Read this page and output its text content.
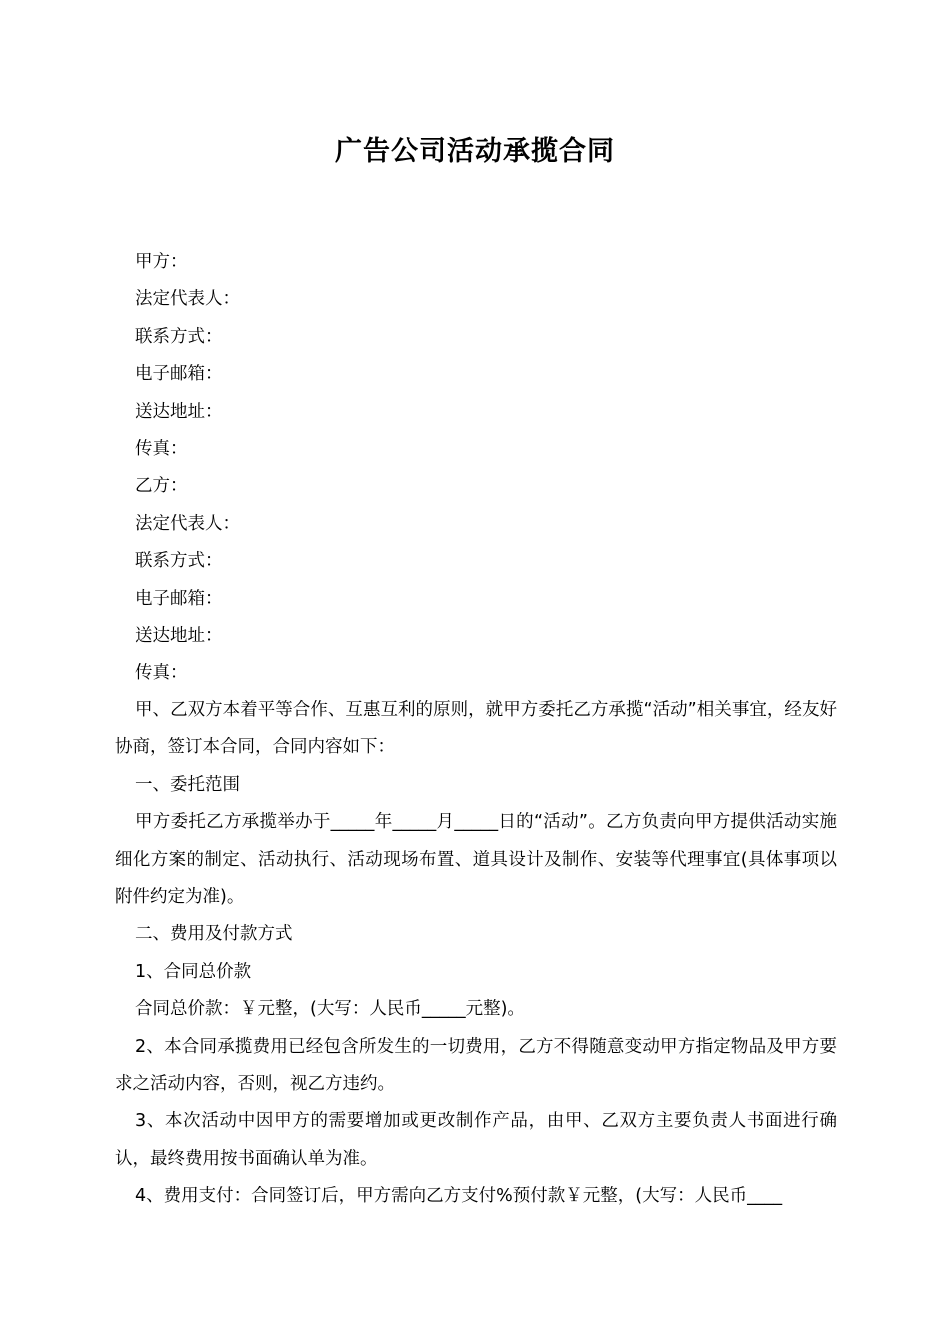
广告公司活动承揽合同
甲方：
法定代表人：
联系方式：
电子邮箱：
送达地址：
传真：
乙方：
法定代表人：
联系方式：
电子邮箱：
送达地址：
传真：

甲、乙双方本着平等合作、互惠互利的原则，就甲方委托乙方承揽“活动”相关事宜，经友好协商，签订本合同，合同内容如下：

一、委托范围

甲方委托乙方承揽举办于_____年_____月_____日的“活动”。乙方负责向甲方提供活动实施细化方案的制定、活动执行、活动现场布置、道具设计及制作、安装等代理事宜(具体事项以附件约定为准)。

二、费用及付款方式

1、合同总价款

合同总价款：￥元整，(大写：人民币_____元整)。

2、本合同承揽费用已经包含所发生的一切费用，乙方不得随意变动甲方指定物品及甲方要求之活动内容，否则，视乙方违约。

3、本次活动中因甲方的需要增加或更改制作产品，由甲、乙双方主要负责人书面进行确认，最终费用按书面确认单为准。

4、费用支付：合同签订后，甲方需向乙方支付%预付款￥元整，(大写：人民币____
